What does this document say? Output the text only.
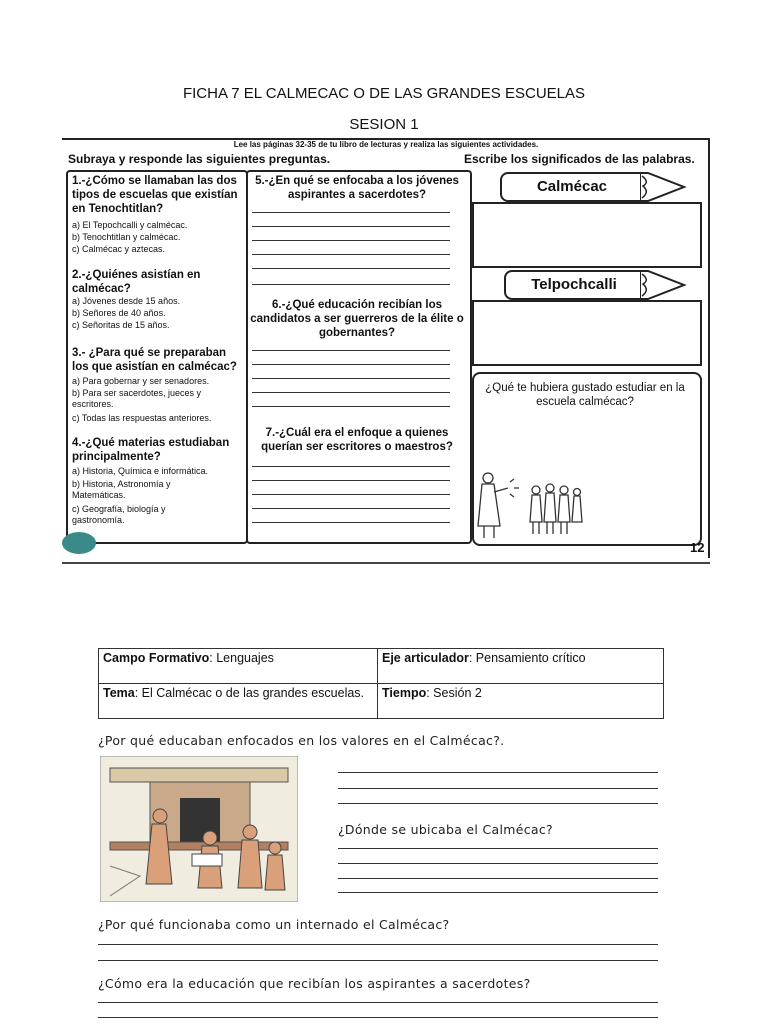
FICHA 7 EL CALMECAC O DE LAS GRANDES ESCUELAS
SESION 1
Lee las páginas 32-35 de tu libro de lecturas y realiza las siguientes actividades.
Subraya y responde las siguientes preguntas.	Escribe los significados de las palabras.
1.-¿Cómo se llamaban las dos tipos de escuelas que existían en Tenochtitlan?
a) El Tepochcalli y calmécac.
b) Tenochtitlan y calmécac.
c) Calmécac y aztecas.
2.-¿Quiénes asistían en calmécac?
a) Jóvenes desde 15 años.
b) Señores de 40 años.
c) Señoritas de 15 años.
3.- ¿Para qué se preparaban los que asistían en calmécac?
a) Para gobernar y ser senadores.
b) Para ser sacerdotes, jueces y escritores.
c) Todas las respuestas anteriores.
4.-¿Qué materias estudiaban principalmente?
a) Historia, Química e informática.
b) Historia, Astronomía y Matemáticas.
c) Geografía, biología y gastronomía.
5.-¿En qué se enfocaba a los jóvenes aspirantes a sacerdotes?
6.-¿Qué educación recibían los candidatos a ser guerreros de la élite o gobernantes?
7.-¿Cuál era el enfoque a quienes querían ser escritores o maestros?
Calmécac
Telpochcalli
¿Qué te hubiera gustado estudiar en la escuela calmécac?
12
Campo Formativo: Lenguajes	Eje articulador: Pensamiento crítico
Tema: El Calmécac o de las grandes escuelas.	Tiempo: Sesión 2
¿Por qué educaban enfocados en los valores en el Calmécac?.
¿Dónde se ubicaba el Calmécac?
¿Por qué funcionaba como un internado el Calmécac?
¿Cómo era la educación que recibían los aspirantes a sacerdotes?
